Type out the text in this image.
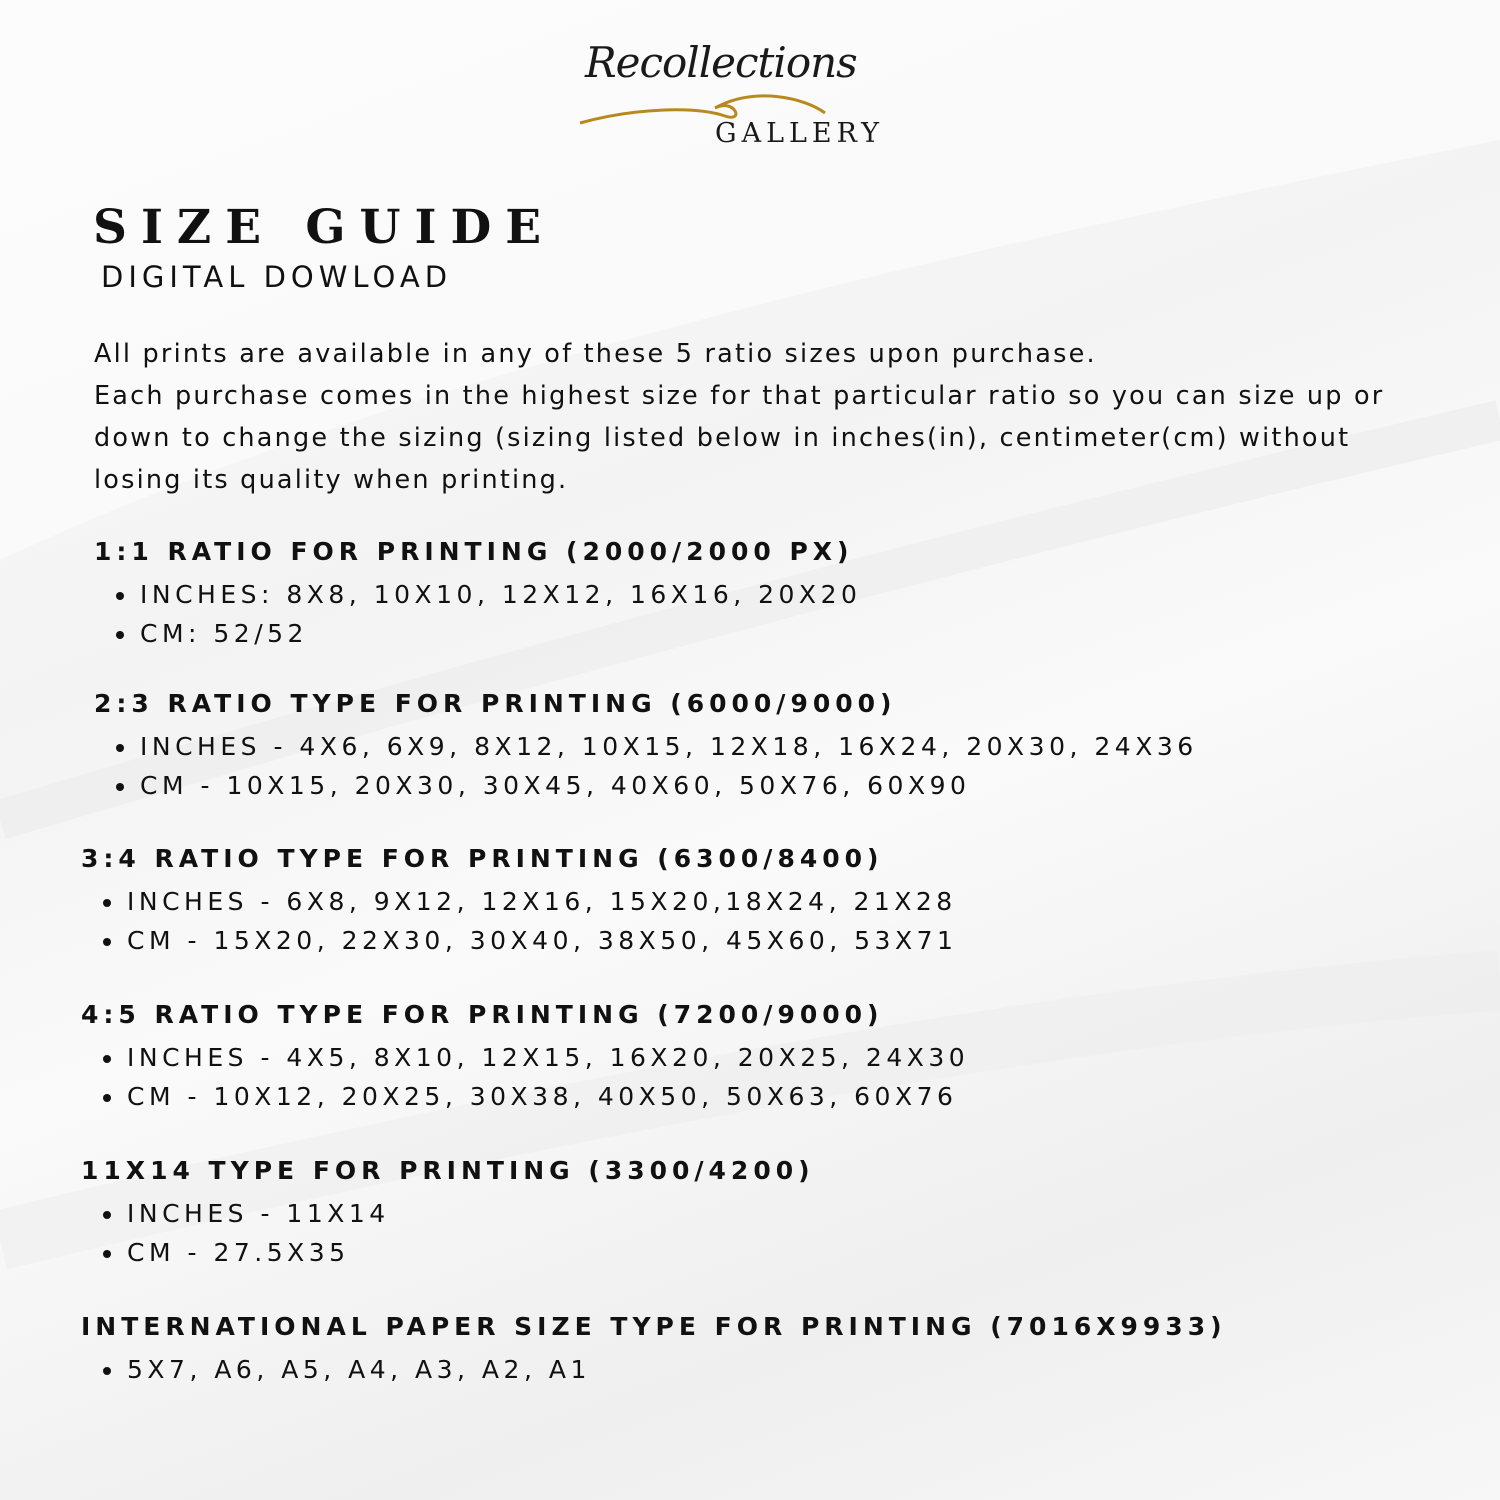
Recollections
GALLERY
SIZE GUIDE
DIGITAL DOWLOAD

All prints are available in any of these 5 ratio sizes upon purchase.

Each purchase comes in the highest size for that particular ratio so you can size up or

down to change the sizing (sizing listed below in inches(in), centimeter(cm) without

losing its quality when printing.

1:1 RATIO FOR PRINTING (2000/2000 PX)
INCHES: 8X8, 10X10, 12X12, 16X16, 20X20
CM: 52/52
2:3 RATIO TYPE FOR PRINTING (6000/9000)
INCHES - 4X6, 6X9, 8X12, 10X15, 12X18, 16X24, 20X30, 24X36
CM - 10X15, 20X30, 30X45, 40X60, 50X76, 60X90
3:4 RATIO TYPE FOR PRINTING (6300/8400)
INCHES - 6X8, 9X12, 12X16, 15X20,18X24, 21X28
CM - 15X20, 22X30, 30X40, 38X50, 45X60, 53X71
4:5 RATIO TYPE FOR PRINTING (7200/9000)
INCHES - 4X5, 8X10, 12X15, 16X20, 20X25, 24X30
CM - 10X12, 20X25, 30X38, 40X50, 50X63, 60X76
11X14 TYPE FOR PRINTING (3300/4200)
INCHES - 11X14
CM - 27.5X35
INTERNATIONAL PAPER SIZE TYPE FOR PRINTING (7016X9933)
5X7, A6, A5, A4, A3, A2, A1
